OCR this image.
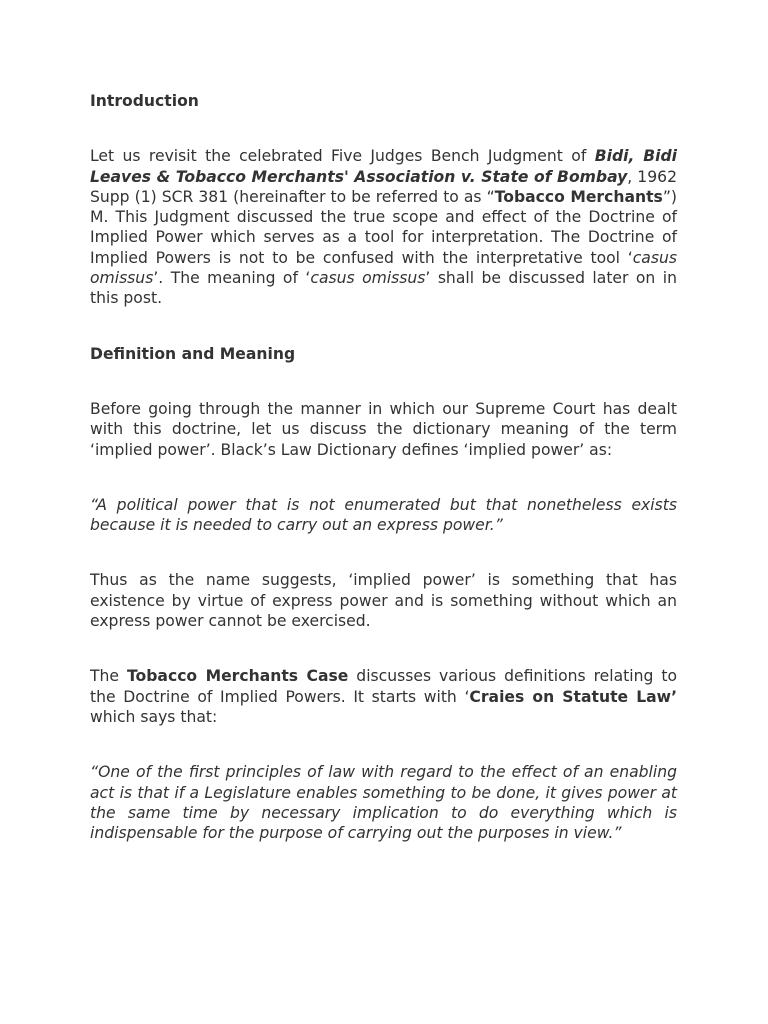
Introduction

Let us revisit the celebrated Five Judges Bench Judgment of Bidi, Bidi Leaves & Tobacco Merchants' Association v. State of Bombay, 1962 Supp (1) SCR 381 (hereinafter to be referred to as “Tobacco Merchants”) M. This Judgment discussed the true scope and effect of the Doctrine of Implied Power which serves as a tool for interpretation. The Doctrine of Implied Powers is not to be confused with the interpretative tool ‘casus omissus’. The meaning of ‘casus omissus’ shall be discussed later on in this post.

Definition and Meaning

Before going through the manner in which our Supreme Court has dealt with this doctrine, let us discuss the dictionary meaning of the term ‘implied power’. Black’s Law Dictionary defines ‘implied power’ as:

“A political power that is not enumerated but that nonetheless exists because it is needed to carry out an express power.”

Thus as the name suggests, ‘implied power’ is something that has existence by virtue of express power and is something without which an express power cannot be exercised.

The Tobacco Merchants Case discusses various definitions relating to the Doctrine of Implied Powers. It starts with ‘Craies on Statute Law’ which says that:

“One of the first principles of law with regard to the effect of an enabling act is that if a Legislature enables something to be done, it gives power at the same time by necessary implication to do everything which is indispensable for the purpose of carrying out the purposes in view.”
